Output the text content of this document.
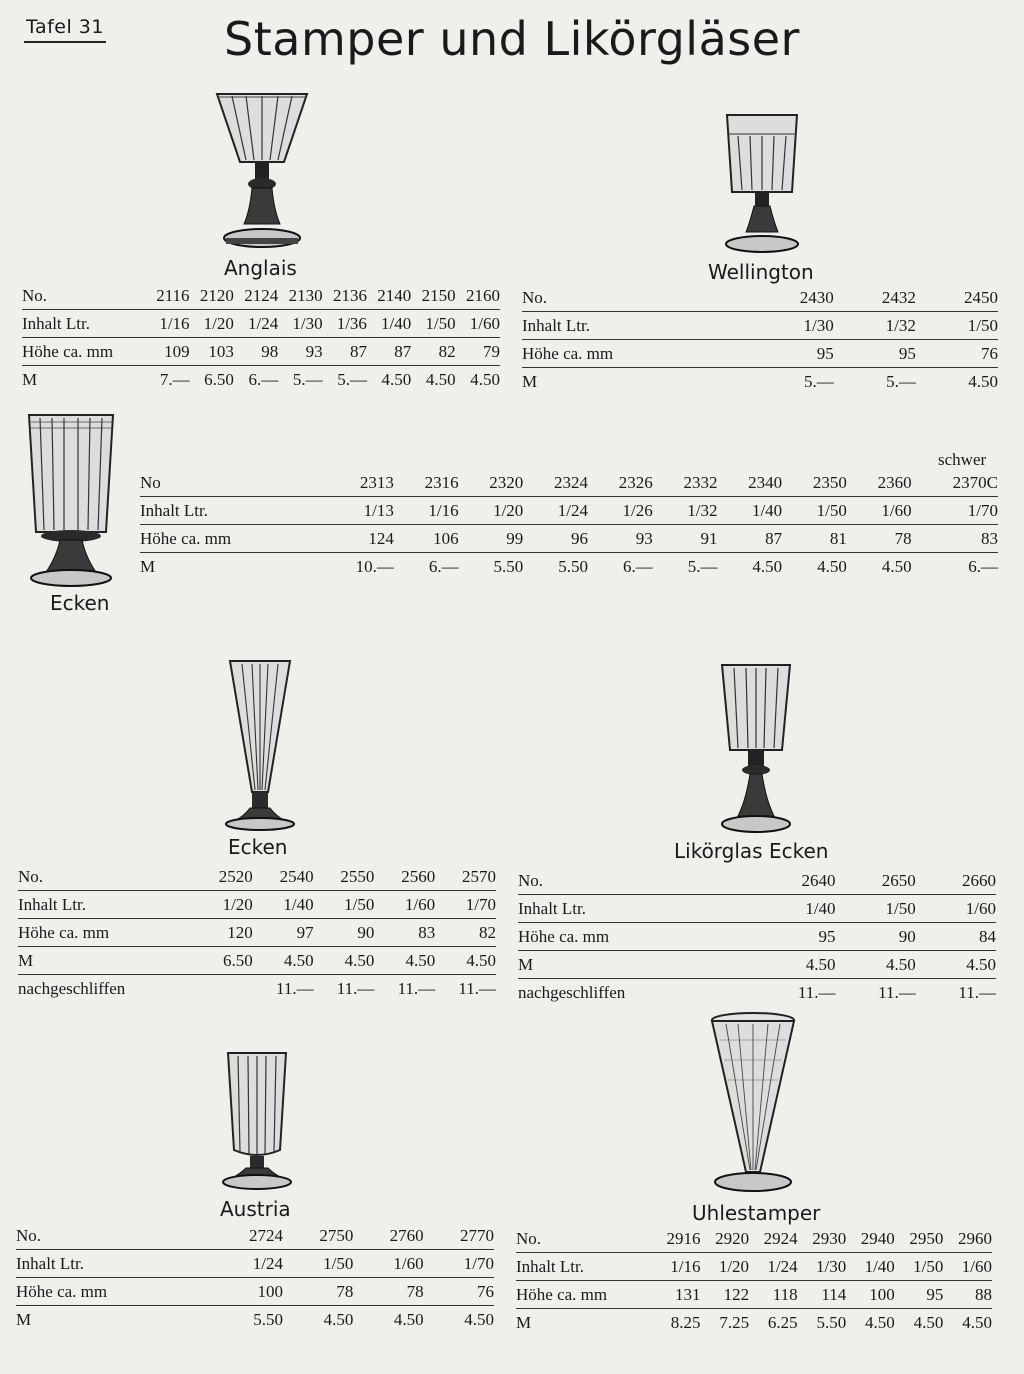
Tafel 31	Stamper und Likörgläser
Anglais
No.	2116	2120	2124	2130	2136	2140	2150	2160
Inhalt Ltr.	1/16	1/20	1/24	1/30	1/36	1/40	1/50	1/60
Höhe ca. mm	109	103	98	93	87	87	82	79
M	7.—	6.50	6.—	5.—	5.—	4.50	4.50	4.50
Wellington
No.	2430	2432	2450
Inhalt Ltr.	1/30	1/32	1/50
Höhe ca. mm	95	95	76
M	5.—	5.—	4.50
Ecken
schwer
No	2313	2316	2320	2324	2326	2332	2340	2350	2360	2370C
Inhalt Ltr.	1/13	1/16	1/20	1/24	1/26	1/32	1/40	1/50	1/60	1/70
Höhe ca. mm	124	106	99	96	93	91	87	81	78	83
M	10.—	6.—	5.50	5.50	6.—	5.—	4.50	4.50	4.50	6.—
Ecken
No.	2520	2540	2550	2560	2570
Inhalt Ltr.	1/20	1/40	1/50	1/60	1/70
Höhe ca. mm	120	97	90	83	82
M	6.50	4.50	4.50	4.50	4.50
nachgeschliffen		11.—	11.—	11.—	11.—
Likörglas Ecken
No.	2640	2650	2660
Inhalt Ltr.	1/40	1/50	1/60
Höhe ca. mm	95	90	84
M	4.50	4.50	4.50
nachgeschliffen	11.—	11.—	11.—
Austria
No.	2724	2750	2760	2770
Inhalt Ltr.	1/24	1/50	1/60	1/70
Höhe ca. mm	100	78	78	76
M	5.50	4.50	4.50	4.50
Uhlestamper
No.	2916	2920	2924	2930	2940	2950	2960
Inhalt Ltr.	1/16	1/20	1/24	1/30	1/40	1/50	1/60
Höhe ca. mm	131	122	118	114	100	95	88
M	8.25	7.25	6.25	5.50	4.50	4.50	4.50
